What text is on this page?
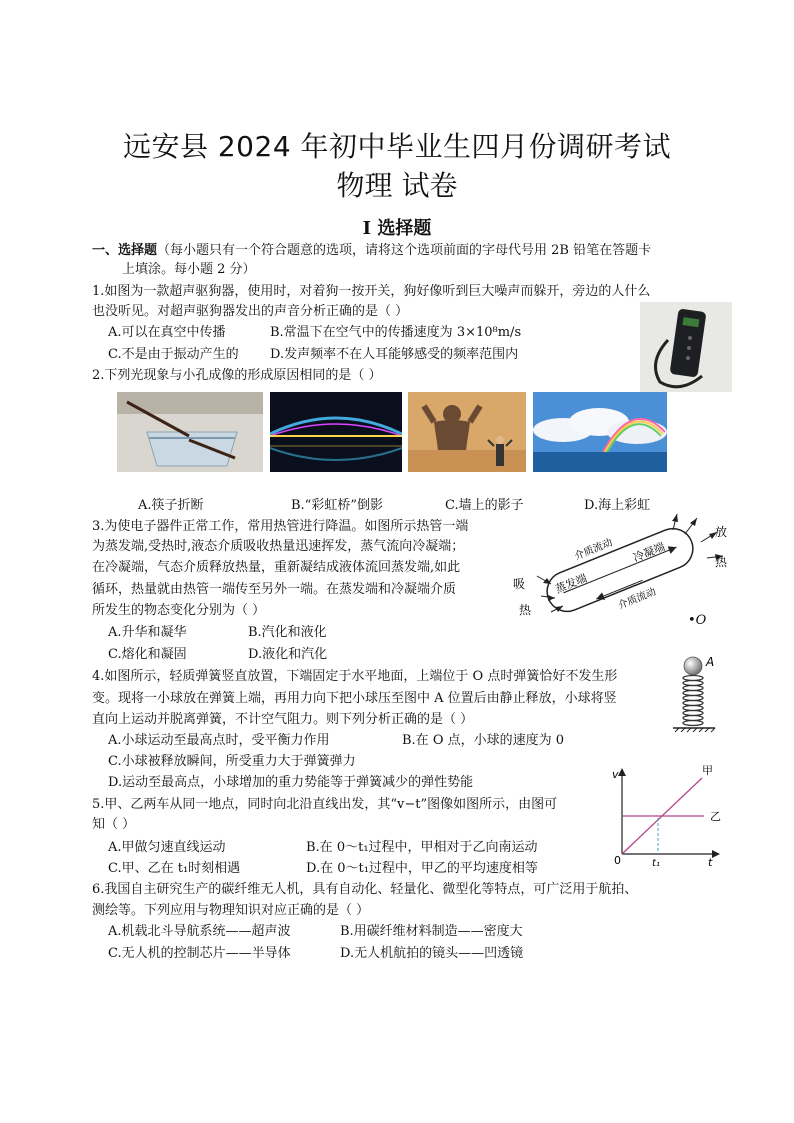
远安县 2024 年初中毕业生四月份调研考试
物理 试卷
I 选择题
一、选择题（每小题只有一个符合题意的选项，请将这个选项前面的字母代号用 2B 铅笔在答题卡
上填涂。每小题 2 分）
1.如图为一款超声驱狗器，使用时，对着狗一按开关，狗好像听到巨大噪声而躲开，旁边的人什么
也没听见。对超声驱狗器发出的声音分析正确的是（ ）
A.可以在真空中传播	B.常温下在空气中的传播速度为 3×10⁸m/s
C.不是由于振动产生的 D.发声频率不在人耳能够感受的频率范围内
2.下列光现象与小孔成像的形成原因相同的是（ ）
A.筷子折断	B.“彩虹桥”倒影	C.墙上的影子	D.海上彩虹
3.为使电子器件正常工作，常用热管进行降温。如图所示热管一端
为蒸发端,受热时,液态介质吸收热量迅速挥发，蒸气流向冷凝端；
在冷凝端，气态介质释放热量，重新凝结成液体流回蒸发端,如此
循环，热量就由热管一端传至另外一端。在蒸发端和冷凝端介质
所发生的物态变化分别为（ ）
A.升华和凝华	B.汽化和液化
C.熔化和凝固	D.液化和汽化
蒸发端
冷凝端
介质流动
介质流动
吸
热
放
热
•O
4.如图所示，轻质弹簧竖直放置，下端固定于水平地面，上端位于 O 点时弹簧恰好不发生形
变。现将一小球放在弹簧上端，再用力向下把小球压至图中 A 位置后由静止释放，小球将竖
直向上运动并脱离弹簧，不计空气阻力。则下列分析正确的是（ ）
A.小球运动至最高点时，受平衡力作用	B.在 O 点，小球的速度为 0
C.小球被释放瞬间，所受重力大于弹簧弹力
D.运动至最高点，小球增加的重力势能等于弹簧减少的弹性势能
A
5.甲、乙两车从同一地点，同时向北沿直线出发，其“v−t”图像如图所示，由图可
知（ ）
A.甲做匀速直线运动	B.在 0～t₁过程中，甲相对于乙向南运动
C.甲、乙在 t₁时刻相遇	D.在 0～t₁过程中，甲乙的平均速度相等
v
t
0	t₁
甲
乙
6.我国自主研究生产的碳纤维无人机，具有自动化、轻量化、微型化等特点，可广泛用于航拍、
测绘等。下列应用与物理知识对应正确的是（ ）
A.机载北斗导航系统——超声波	B.用碳纤维材料制造——密度大
C.无人机的控制芯片——半导体	D.无人机航拍的镜头——凹透镜
